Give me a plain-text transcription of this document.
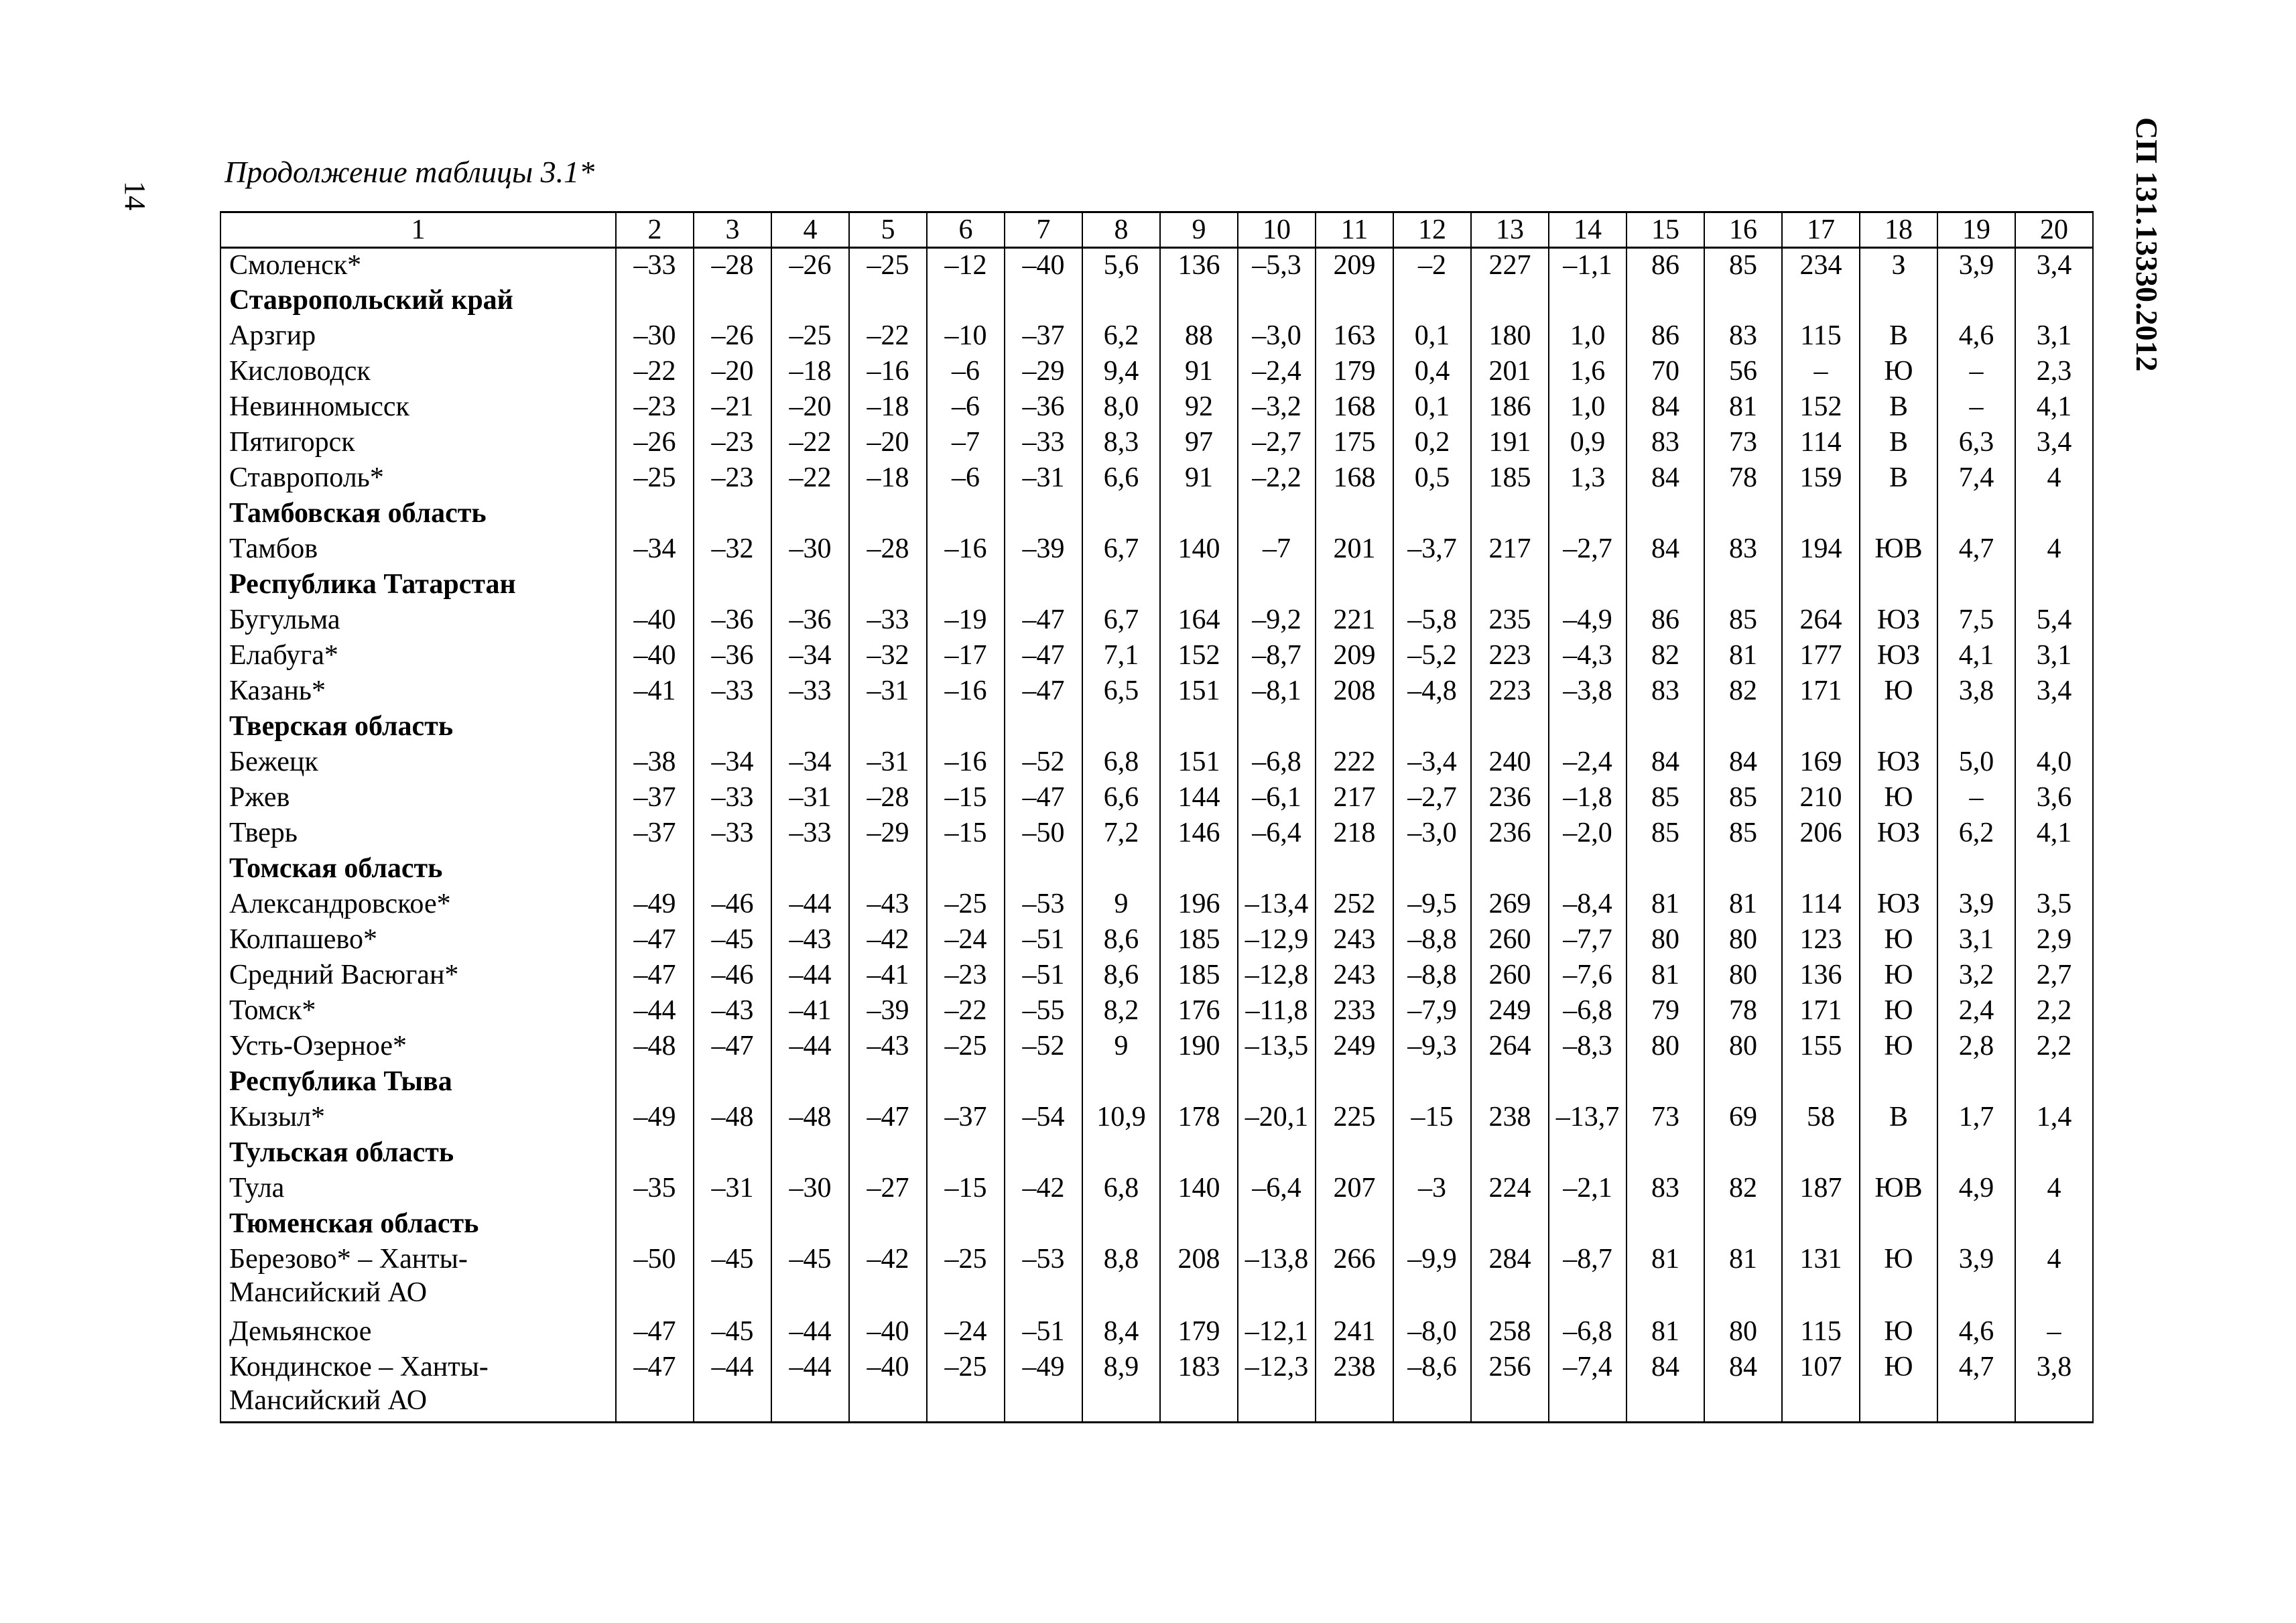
14
Продолжение таблицы 3.1*	СП 131.13330.2012
1	2	3	4	5	6	7	8	9	10	11	12	13	14	15	16	17	18	19	20
Смоленск*	–33	–28	–26	–25	–12	–40	5,6	136	–5,3	209	–2	227	–1,1	86	85	234	З	3,9	3,4
Ставропольский край																			
Арзгир	–30	–26	–25	–22	–10	–37	6,2	88	–3,0	163	0,1	180	1,0	86	83	115	В	4,6	3,1
Кисловодск	–22	–20	–18	–16	–6	–29	9,4	91	–2,4	179	0,4	201	1,6	70	56	–	Ю	–	2,3
Невинномысск	–23	–21	–20	–18	–6	–36	8,0	92	–3,2	168	0,1	186	1,0	84	81	152	В	–	4,1
Пятигорск	–26	–23	–22	–20	–7	–33	8,3	97	–2,7	175	0,2	191	0,9	83	73	114	В	6,3	3,4
Ставрополь*	–25	–23	–22	–18	–6	–31	6,6	91	–2,2	168	0,5	185	1,3	84	78	159	В	7,4	4
Тамбовская область																			
Тамбов	–34	–32	–30	–28	–16	–39	6,7	140	–7	201	–3,7	217	–2,7	84	83	194	ЮВ	4,7	4
Республика Татарстан																			
Бугульма	–40	–36	–36	–33	–19	–47	6,7	164	–9,2	221	–5,8	235	–4,9	86	85	264	ЮЗ	7,5	5,4
Елабуга*	–40	–36	–34	–32	–17	–47	7,1	152	–8,7	209	–5,2	223	–4,3	82	81	177	ЮЗ	4,1	3,1
Казань*	–41	–33	–33	–31	–16	–47	6,5	151	–8,1	208	–4,8	223	–3,8	83	82	171	Ю	3,8	3,4
Тверская область																			
Бежецк	–38	–34	–34	–31	–16	–52	6,8	151	–6,8	222	–3,4	240	–2,4	84	84	169	ЮЗ	5,0	4,0
Ржев	–37	–33	–31	–28	–15	–47	6,6	144	–6,1	217	–2,7	236	–1,8	85	85	210	Ю	–	3,6
Тверь	–37	–33	–33	–29	–15	–50	7,2	146	–6,4	218	–3,0	236	–2,0	85	85	206	ЮЗ	6,2	4,1
Томская область																			
Александровское*	–49	–46	–44	–43	–25	–53	9	196	–13,4	252	–9,5	269	–8,4	81	81	114	ЮЗ	3,9	3,5
Колпашево*	–47	–45	–43	–42	–24	–51	8,6	185	–12,9	243	–8,8	260	–7,7	80	80	123	Ю	3,1	2,9
Средний Васюган*	–47	–46	–44	–41	–23	–51	8,6	185	–12,8	243	–8,8	260	–7,6	81	80	136	Ю	3,2	2,7
Томск*	–44	–43	–41	–39	–22	–55	8,2	176	–11,8	233	–7,9	249	–6,8	79	78	171	Ю	2,4	2,2
Усть-Озерное*	–48	–47	–44	–43	–25	–52	9	190	–13,5	249	–9,3	264	–8,3	80	80	155	Ю	2,8	2,2
Республика Тыва																			
Кызыл*	–49	–48	–48	–47	–37	–54	10,9	178	–20,1	225	–15	238	–13,7	73	69	58	В	1,7	1,4
Тульская область																			
Тула	–35	–31	–30	–27	–15	–42	6,8	140	–6,4	207	–3	224	–2,1	83	82	187	ЮВ	4,9	4
Тюменская область																			
Березово* – Ханты-Мансийский АО	–50	–45	–45	–42	–25	–53	8,8	208	–13,8	266	–9,9	284	–8,7	81	81	131	Ю	3,9	4
Демьянское	–47	–45	–44	–40	–24	–51	8,4	179	–12,1	241	–8,0	258	–6,8	81	80	115	Ю	4,6	–
Кондинское – Ханты-Мансийский АО	–47	–44	–44	–40	–25	–49	8,9	183	–12,3	238	–8,6	256	–7,4	84	84	107	Ю	4,7	3,8
